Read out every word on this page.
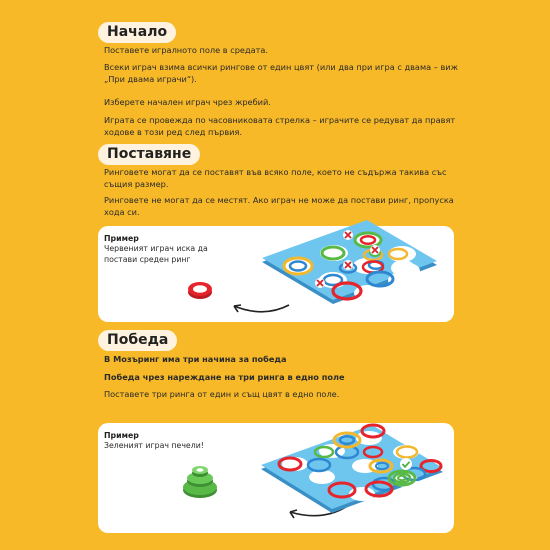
Начало
Поставете игралното поле в средата.
Всеки играч взима всички рингове от един цвят (или два при игра с двама – виж „При двама играчи“).
Изберете начален играч чрез жребий.
Играта се провежда по часовниковата стрелка – играчите се редуват да правят ходове в този ред след първия.
Поставяне
Ринговете могат да се поставят във всяко поле, което не съдържа такива със същия размер.
Ринговете не могат да се местят. Ако играч не може да постави ринг, пропуска хода си.
Пример
Червеният играч иска да постави среден ринг
Победа
В Мозъринг има три начина за победа
Победа чрез нареждане на три ринга в едно поле
Поставете три ринга от един и същ цвят в едно поле.
Пример
Зеленият играч печели!
